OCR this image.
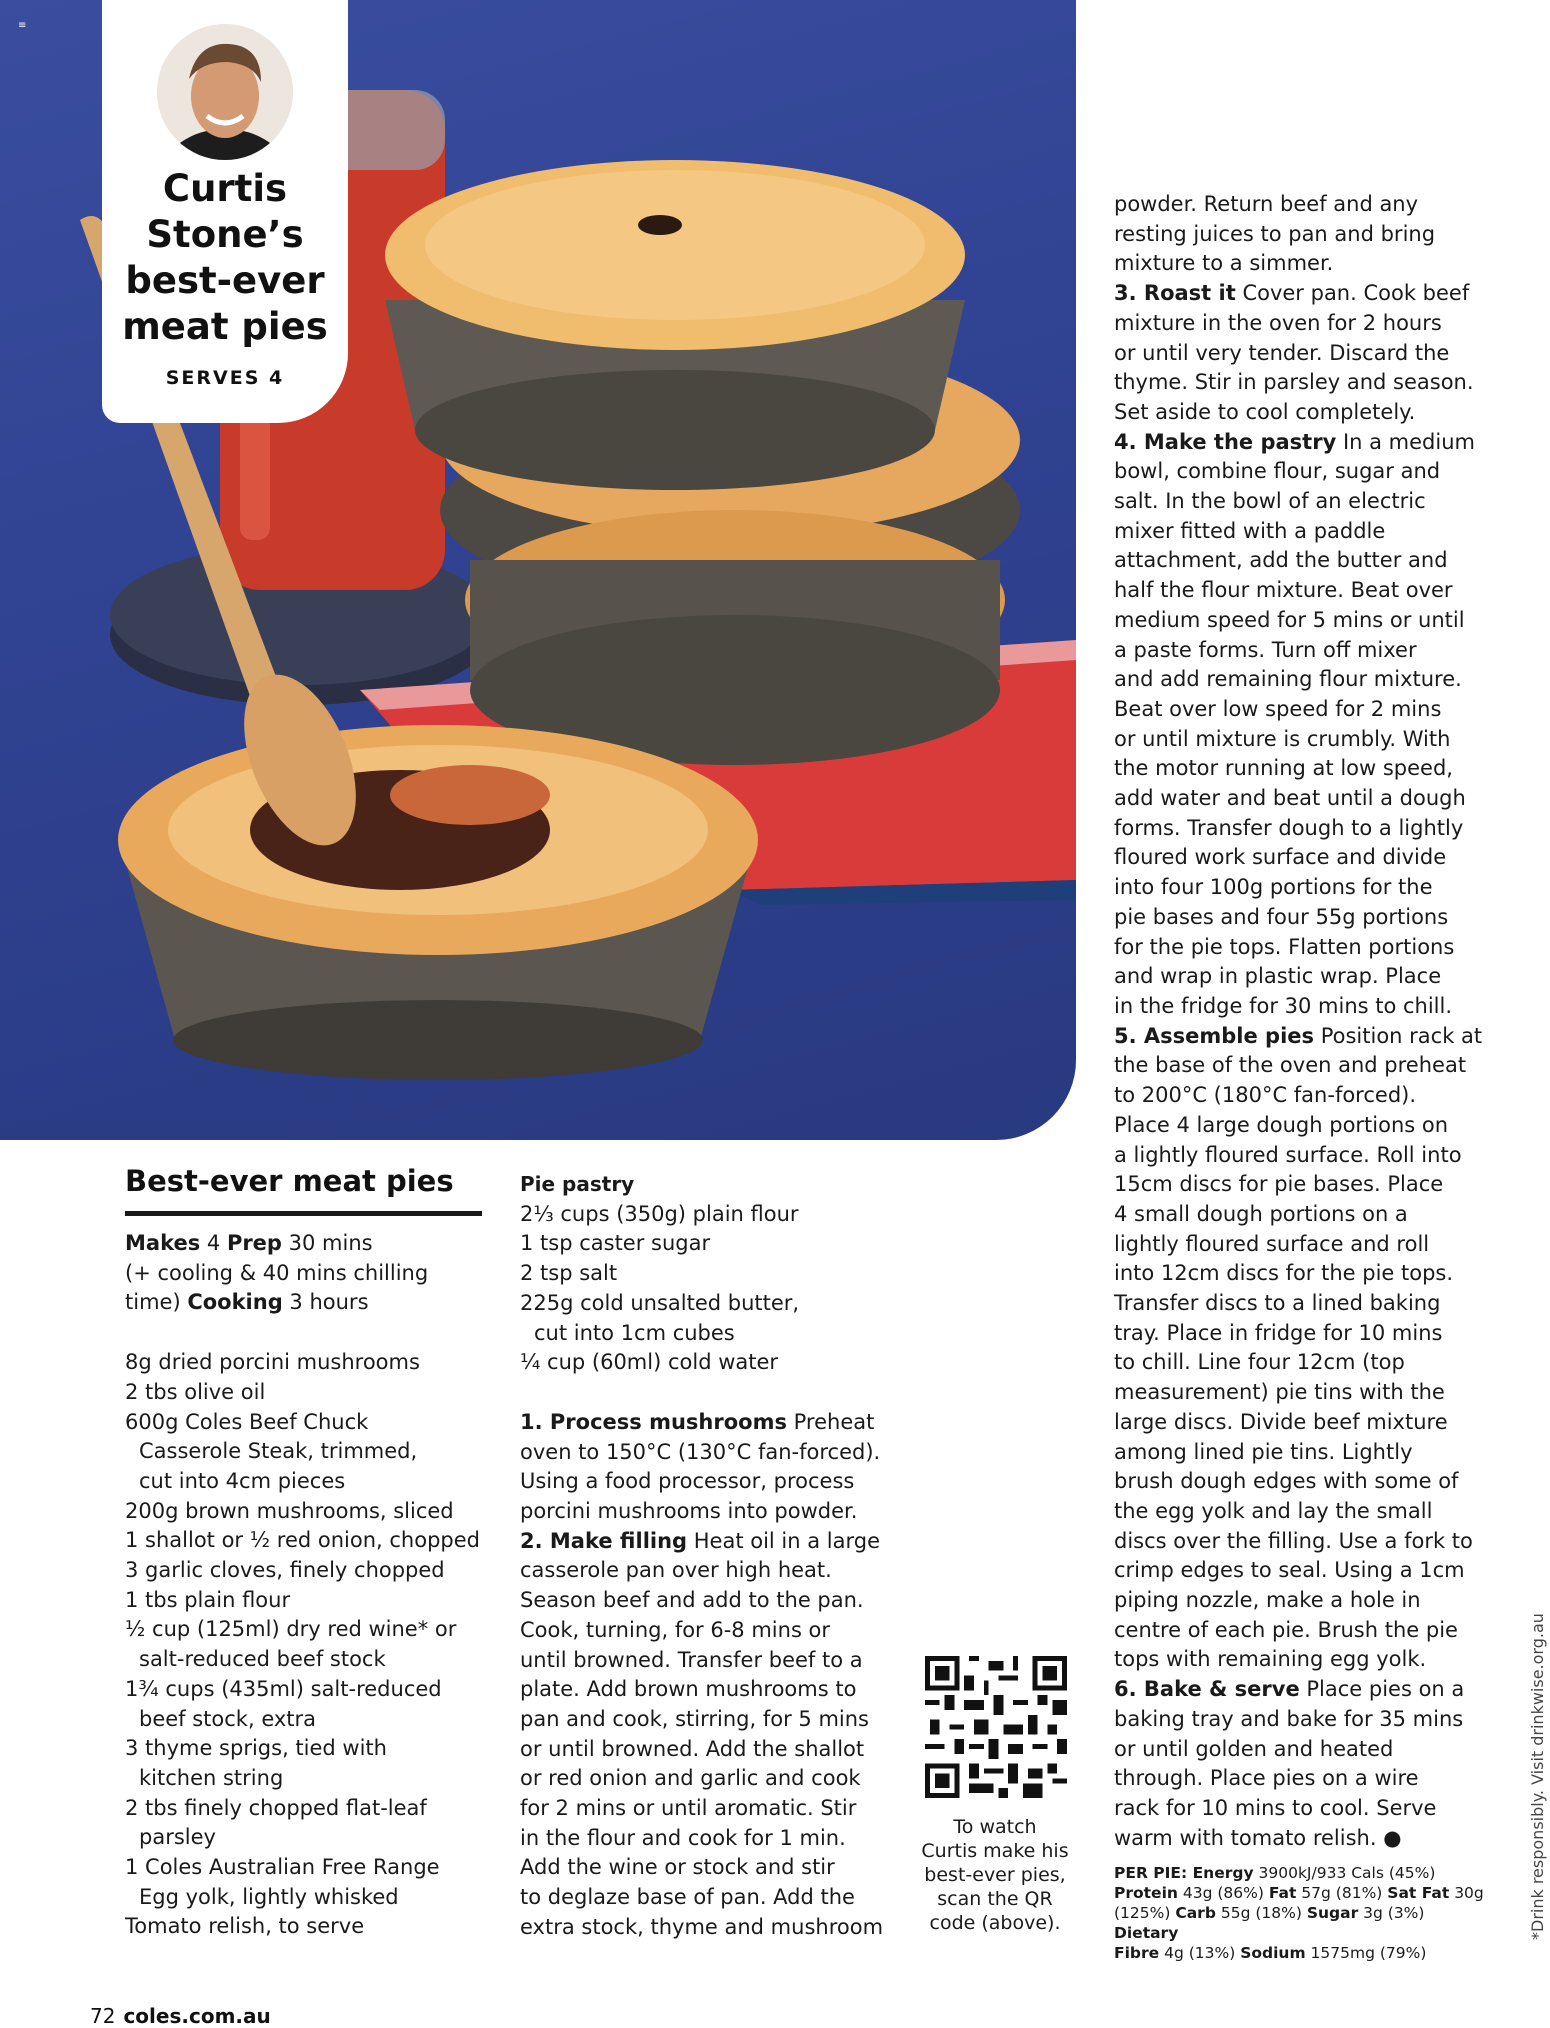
≡
Curtis
Stone’s
best-ever
meat pies
SERVES 4
Best-ever meat pies

Makes 4 Prep 30 mins

(+ cooling & 40 mins chilling

time) Cooking 3 hours

8g dried porcini mushrooms

2 tbs olive oil

600g Coles Beef Chuck

Casserole Steak, trimmed,

cut into 4cm pieces

200g brown mushrooms, sliced

1 shallot or ½ red onion, chopped

3 garlic cloves, finely chopped

1 tbs plain flour

½ cup (125ml) dry red wine* or

salt-reduced beef stock

1¾ cups (435ml) salt-reduced

beef stock, extra

3 thyme sprigs, tied with

kitchen string

2 tbs finely chopped flat-leaf

parsley

1 Coles Australian Free Range

Egg yolk, lightly whisked

Tomato relish, to serve

Pie pastry

2⅓ cups (350g) plain flour

1 tsp caster sugar

2 tsp salt

225g cold unsalted butter,

cut into 1cm cubes

¼ cup (60ml) cold water

1. Process mushrooms Preheat

oven to 150°C (130°C fan-forced).

Using a food processor, process

porcini mushrooms into powder.

2. Make filling Heat oil in a large

casserole pan over high heat.

Season beef and add to the pan.

Cook, turning, for 6-8 mins or

until browned. Transfer beef to a

plate. Add brown mushrooms to

pan and cook, stirring, for 5 mins

or until browned. Add the shallot

or red onion and garlic and cook

for 2 mins or until aromatic. Stir

in the flour and cook for 1 min.

Add the wine or stock and stir

to deglaze base of pan. Add the

extra stock, thyme and mushroom

To watch
Curtis make his
best-ever pies,
scan the QR
code (above).

powder. Return beef and any

resting juices to pan and bring

mixture to a simmer.

3. Roast it Cover pan. Cook beef

mixture in the oven for 2 hours

or until very tender. Discard the

thyme. Stir in parsley and season.

Set aside to cool completely.

4. Make the pastry In a medium

bowl, combine flour, sugar and

salt. In the bowl of an electric

mixer fitted with a paddle

attachment, add the butter and

half the flour mixture. Beat over

medium speed for 5 mins or until

a paste forms. Turn off mixer

and add remaining flour mixture.

Beat over low speed for 2 mins

or until mixture is crumbly. With

the motor running at low speed,

add water and beat until a dough

forms. Transfer dough to a lightly

floured work surface and divide

into four 100g portions for the

pie bases and four 55g portions

for the pie tops. Flatten portions

and wrap in plastic wrap. Place

in the fridge for 30 mins to chill.

5. Assemble pies Position rack at

the base of the oven and preheat

to 200°C (180°C fan-forced).

Place 4 large dough portions on

a lightly floured surface. Roll into

15cm discs for pie bases. Place

4 small dough portions on a

lightly floured surface and roll

into 12cm discs for the pie tops.

Transfer discs to a lined baking

tray. Place in fridge for 10 mins

to chill. Line four 12cm (top

measurement) pie tins with the

large discs. Divide beef mixture

among lined pie tins. Lightly

brush dough edges with some of

the egg yolk and lay the small

discs over the filling. Use a fork to

crimp edges to seal. Using a 1cm

piping nozzle, make a hole in

centre of each pie. Brush the pie

tops with remaining egg yolk.

6. Bake & serve Place pies on a

baking tray and bake for 35 mins

or until golden and heated

through. Place pies on a wire

rack for 10 mins to cool. Serve

warm with tomato relish. ●

PER PIE: Energy 3900kJ/933 Cals (45%)
Protein 43g (86%) Fat 57g (81%) Sat Fat 30g
(125%) Carb 55g (18%) Sugar 3g (3%) Dietary
Fibre 4g (13%) Sodium 1575mg (79%)
*Drink responsibly. Visit drinkwise.org.au
72 coles.com.au
